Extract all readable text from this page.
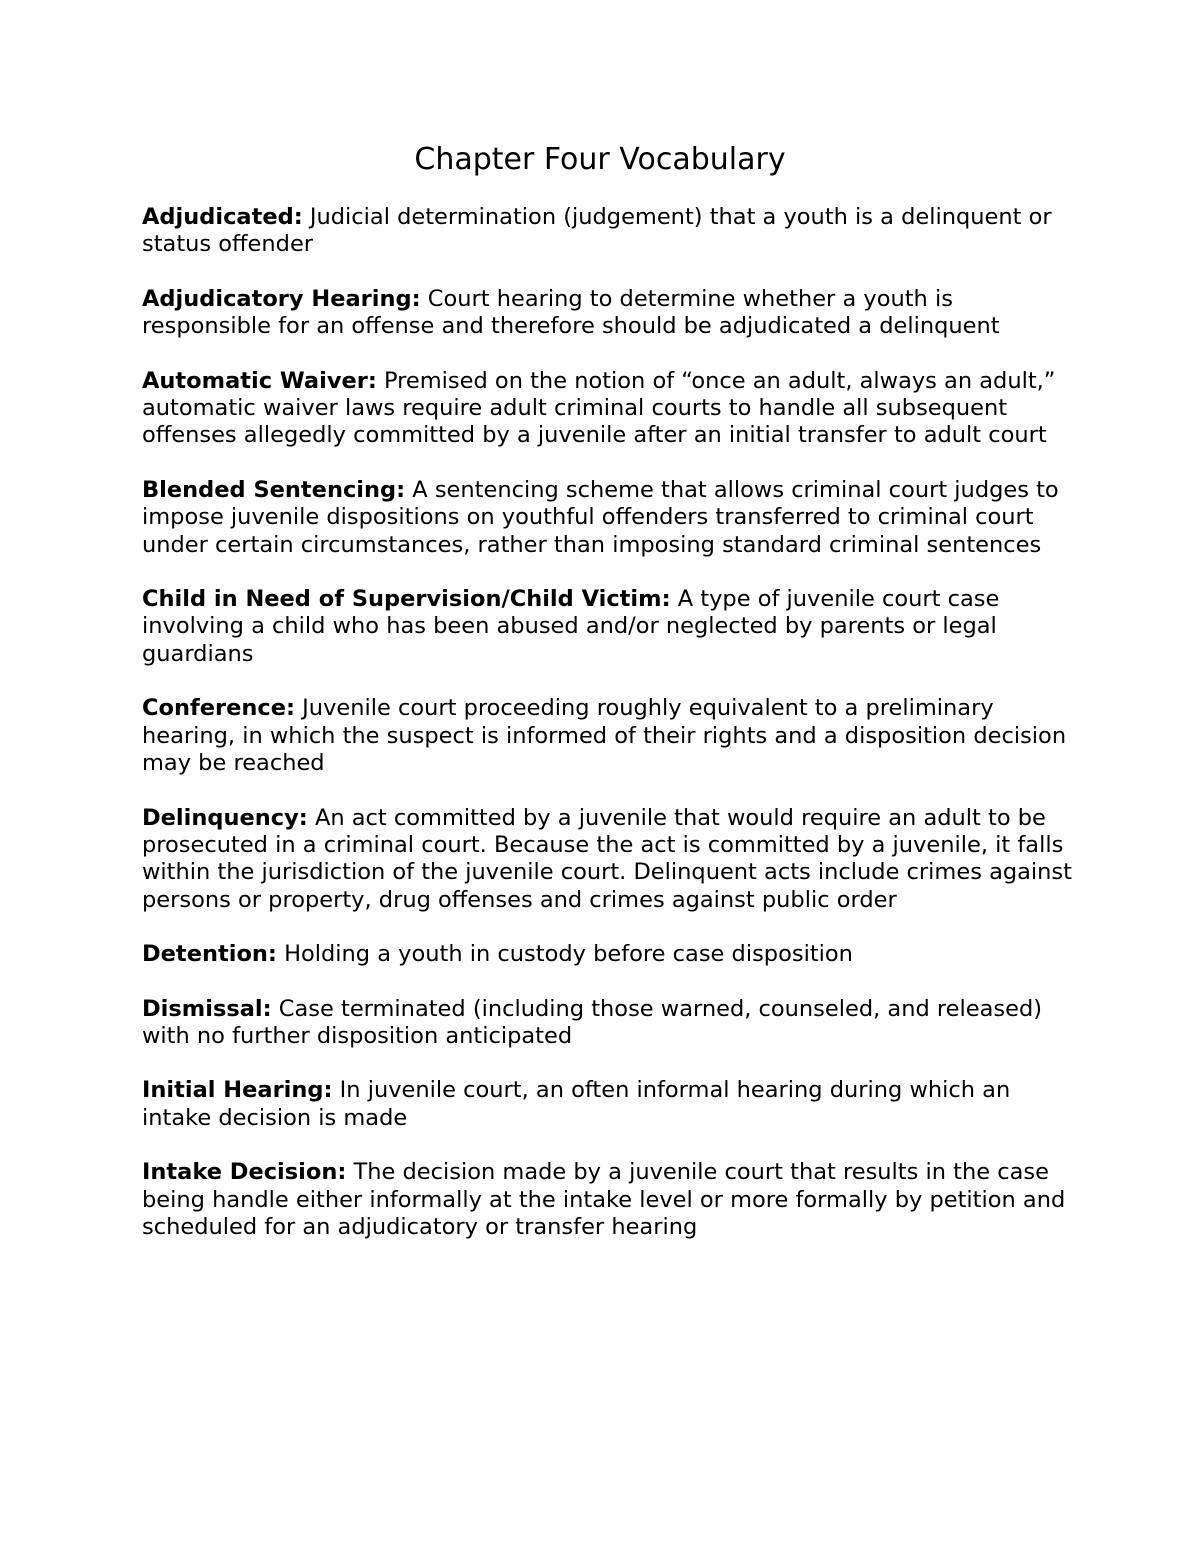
Chapter Four Vocabulary

Adjudicated: Judicial determination (judgement) that a youth is a delinquent or status offender

Adjudicatory Hearing: Court hearing to determine whether a youth is responsible for an offense and therefore should be adjudicated a delinquent

Automatic Waiver: Premised on the notion of “once an adult, always an adult,” automatic waiver laws require adult criminal courts to handle all subsequent offenses allegedly committed by a juvenile after an initial transfer to adult court

Blended Sentencing: A sentencing scheme that allows criminal court judges to impose juvenile dispositions on youthful offenders transferred to criminal court under certain circumstances, rather than imposing standard criminal sentences

Child in Need of Supervision/Child Victim: A type of juvenile court case involving a child who has been abused and/or neglected by parents or legal guardians

Conference: Juvenile court proceeding roughly equivalent to a preliminary hearing, in which the suspect is informed of their rights and a disposition decision may be reached

Delinquency: An act committed by a juvenile that would require an adult to be prosecuted in a criminal court. Because the act is committed by a juvenile, it falls within the jurisdiction of the juvenile court. Delinquent acts include crimes against persons or property, drug offenses and crimes against public order

Detention: Holding a youth in custody before case disposition

Dismissal: Case terminated (including those warned, counseled, and released) with no further disposition anticipated

Initial Hearing: In juvenile court, an often informal hearing during which an intake decision is made

Intake Decision: The decision made by a juvenile court that results in the case being handle either informally at the intake level or more formally by petition and scheduled for an adjudicatory or transfer hearing
